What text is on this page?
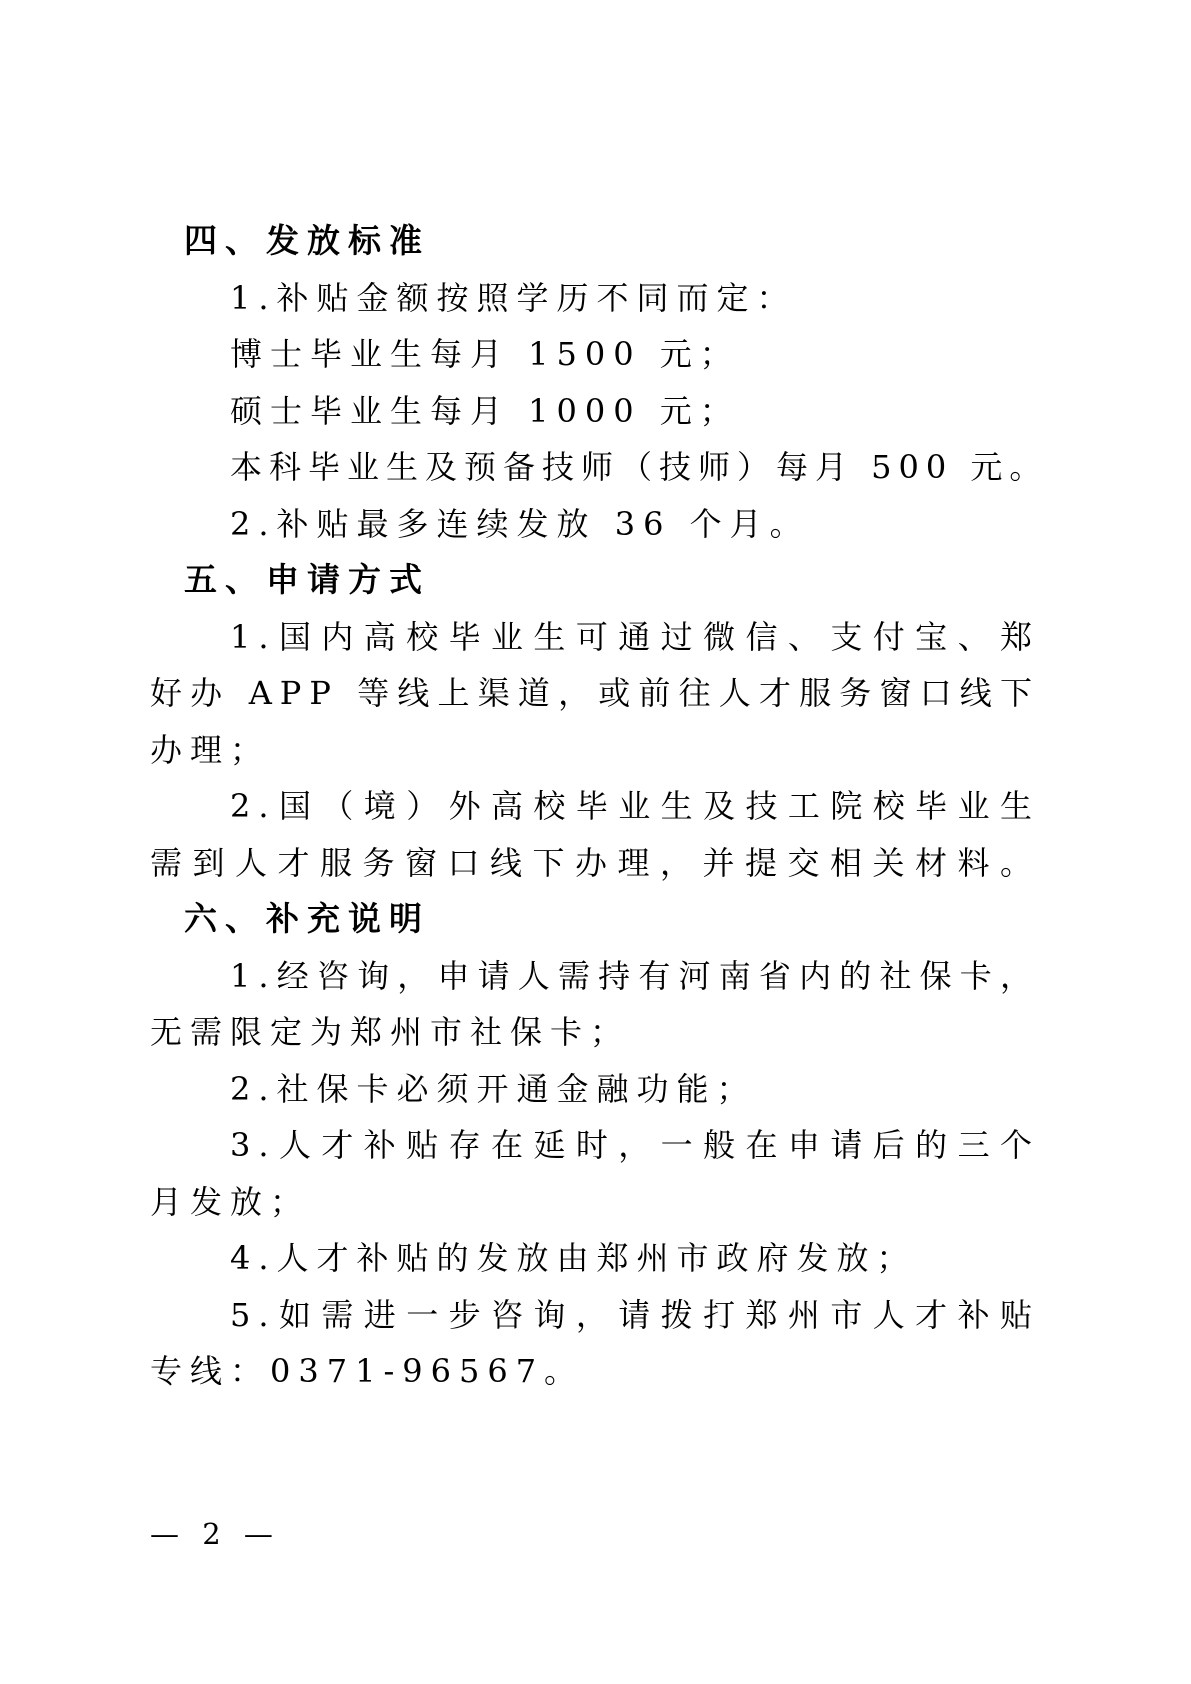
四、发放标准
1.补贴金额按照学历不同而定：
博士毕业生每月 1500 元；
硕士毕业生每月 1000 元；
本科毕业生及预备技师（技师）每月 500 元。
2.补贴最多连续发放 36 个月。
五、申请方式
1.国内高校毕业生可通过微信、支付宝、郑
好办 APP 等线上渠道，或前往人才服务窗口线下
办理；
2.国（境）外高校毕业生及技工院校毕业生
需到人才服务窗口线下办理，并提交相关材料。
六、补充说明
1.经咨询，申请人需持有河南省内的社保卡，
无需限定为郑州市社保卡；
2.社保卡必须开通金融功能；
3.人才补贴存在延时，一般在申请后的三个
月发放；
4.人才补贴的发放由郑州市政府发放；
5.如需进一步咨询，请拨打郑州市人才补贴
专线：0371-96567。
— 2 —
